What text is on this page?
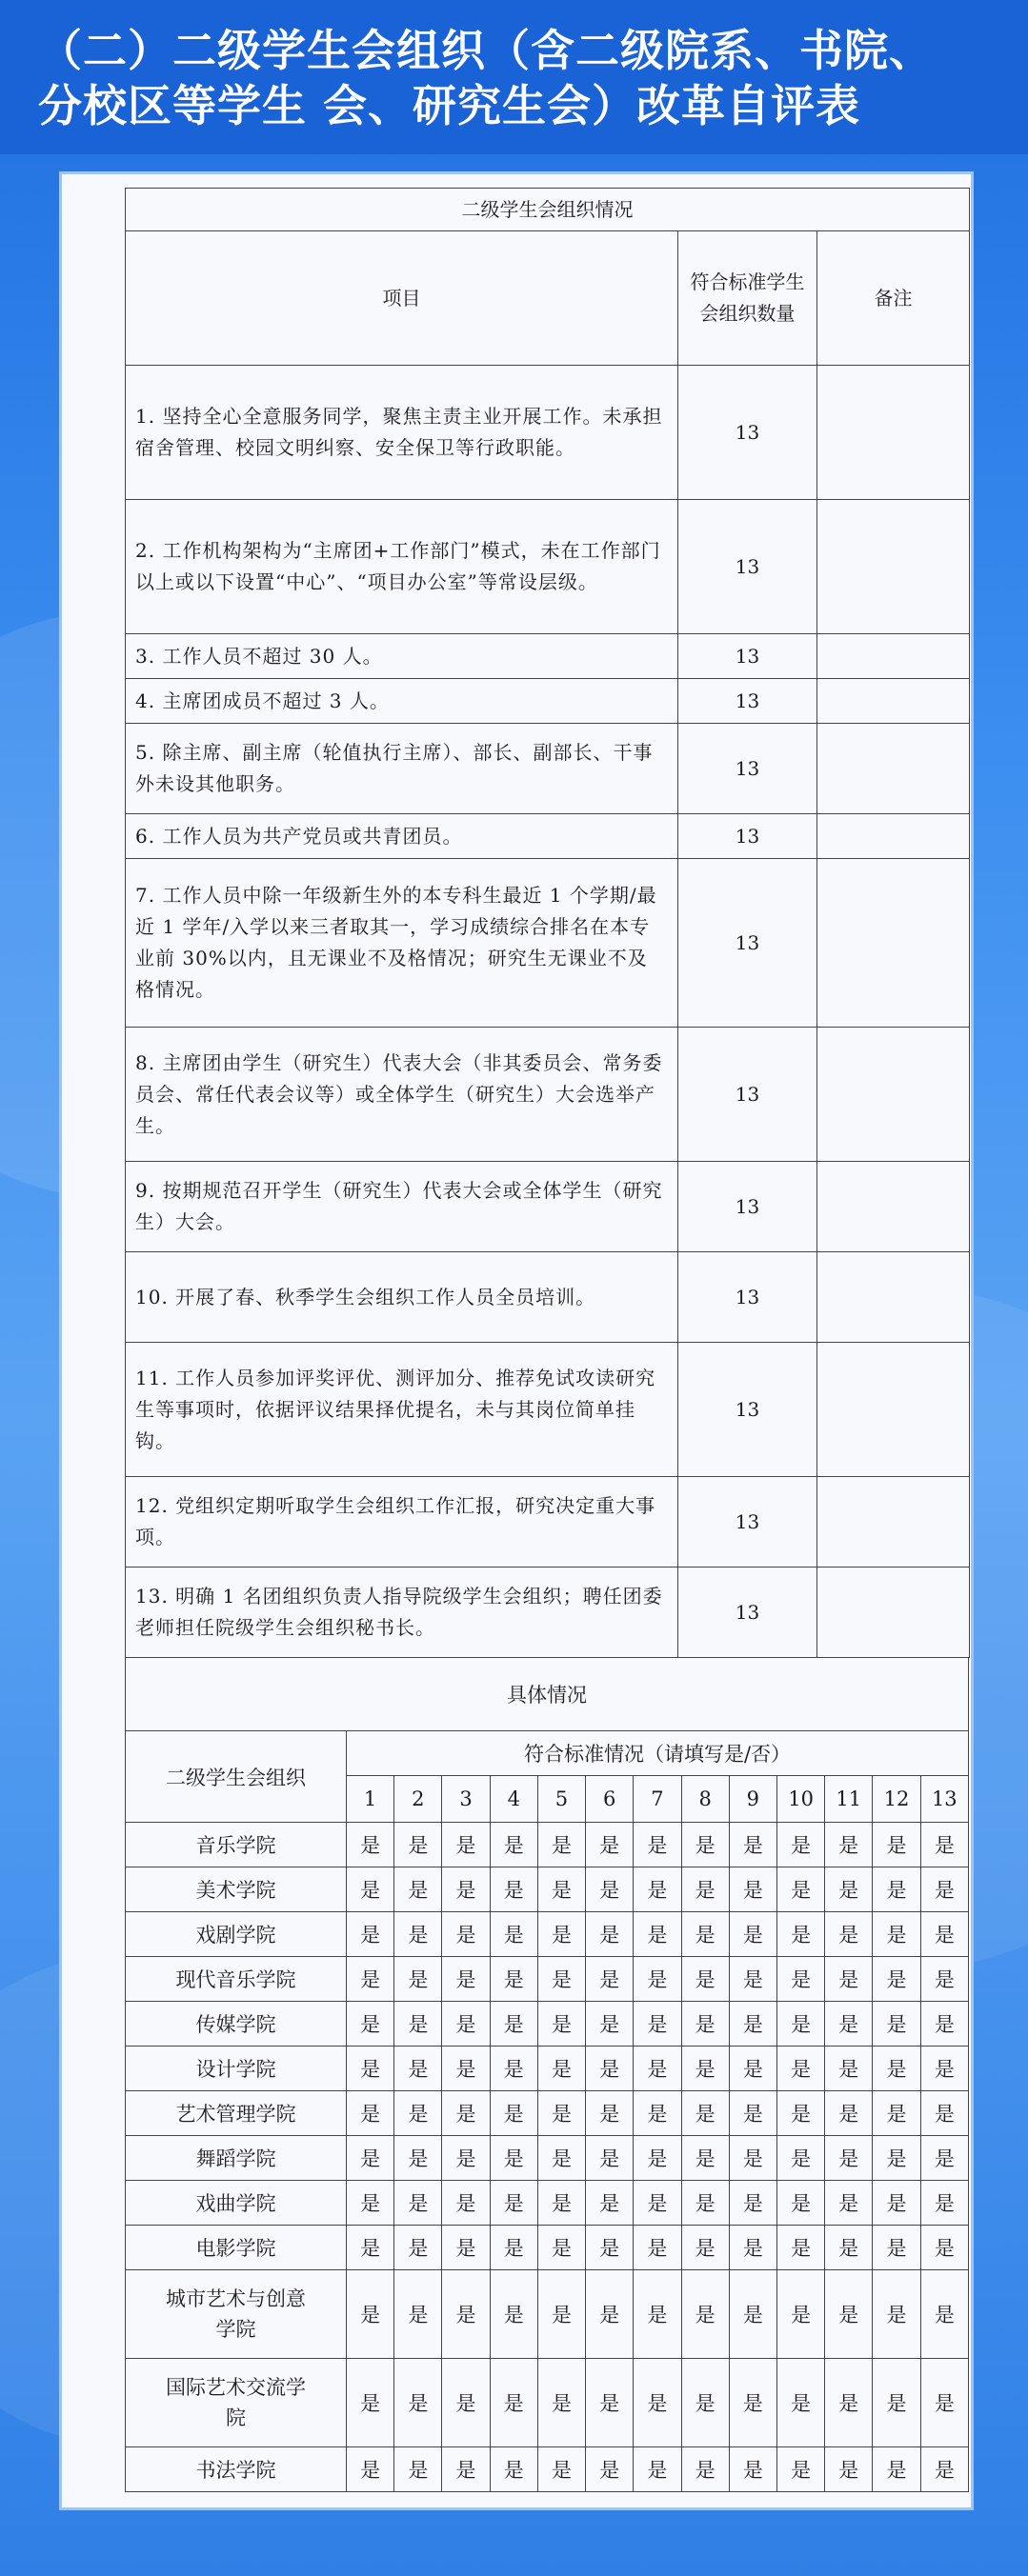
（二）二级学生会组织（含二级院系、书院、
分校区等学生 会、研究生会）改革自评表
二级学生会组织情况		
项目	符合标准学生会组织数量	备注
1. 坚持全心全意服务同学，聚焦主责主业开展工作。未承担宿舍管理、校园文明纠察、安全保卫等行政职能。	13	
2. 工作机构架构为“主席团+工作部门”模式，未在工作部门以上或以下设置“中心”、“项目办公室”等常设层级。	13	
3. 工作人员不超过 30 人。	13	
4. 主席团成员不超过 3 人。	13	
5. 除主席、副主席（轮值执行主席）、部长、副部长、干事外未设其他职务。	13	
6. 工作人员为共产党员或共青团员。	13	
7. 工作人员中除一年级新生外的本专科生最近 1 个学期/最近 1 学年/入学以来三者取其一，学习成绩综合排名在本专业前 30%以内，且无课业不及格情况；研究生无课业不及格情况。	13	
8. 主席团由学生（研究生）代表大会（非其委员会、常务委员会、常任代表会议等）或全体学生（研究生）大会选举产生。	13	
9. 按期规范召开学生（研究生）代表大会或全体学生（研究生）大会。	13	
10. 开展了春、秋季学生会组织工作人员全员培训。	13	
11. 工作人员参加评奖评优、测评加分、推荐免试攻读研究生等事项时，依据评议结果择优提名，未与其岗位简单挂钩。	13	
12. 党组织定期听取学生会组织工作汇报，研究决定重大事项。	13	
13. 明确 1 名团组织负责人指导院级学生会组织；聘任团委老师担任院级学生会组织秘书长。	13	
具体情况													
二级学生会组织	符合标准情况（请填写是/否）												
	1	2	3	4	5	6	7	8	9	10	11	12	13
音乐学院	是	是	是	是	是	是	是	是	是	是	是	是	是
美术学院	是	是	是	是	是	是	是	是	是	是	是	是	是
戏剧学院	是	是	是	是	是	是	是	是	是	是	是	是	是
现代音乐学院	是	是	是	是	是	是	是	是	是	是	是	是	是
传媒学院	是	是	是	是	是	是	是	是	是	是	是	是	是
设计学院	是	是	是	是	是	是	是	是	是	是	是	是	是
艺术管理学院	是	是	是	是	是	是	是	是	是	是	是	是	是
舞蹈学院	是	是	是	是	是	是	是	是	是	是	是	是	是
戏曲学院	是	是	是	是	是	是	是	是	是	是	是	是	是
电影学院	是	是	是	是	是	是	是	是	是	是	是	是	是
城市艺术与创意学院	是	是	是	是	是	是	是	是	是	是	是	是	是
国际艺术交流学院	是	是	是	是	是	是	是	是	是	是	是	是	是
书法学院	是	是	是	是	是	是	是	是	是	是	是	是	是
